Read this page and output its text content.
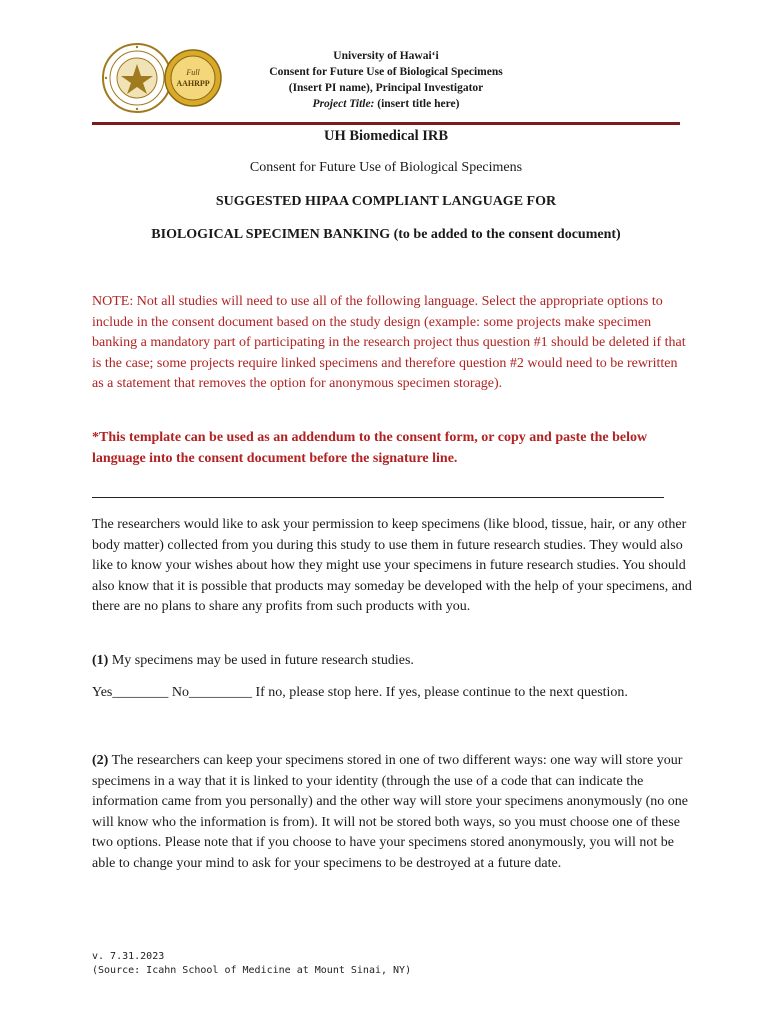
Full
AAHRPP
University of Hawai‘i
Consent for Future Use of Biological Specimens
(Insert PI name), Principal Investigator
Project Title: (insert title here)
UH Biomedical IRB
Consent for Future Use of Biological Specimens
SUGGESTED HIPAA COMPLIANT LANGUAGE FOR
BIOLOGICAL SPECIMEN BANKING (to be added to the consent document)
NOTE: Not all studies will need to use all of the following language. Select the appropriate options to include in the consent document based on the study design (example: some projects make specimen banking a mandatory part of participating in the research project thus question #1 should be deleted if that is the case; some projects require linked specimens and therefore question #2 would need to be rewritten as a statement that removes the option for anonymous specimen storage).
*This template can be used as an addendum to the consent form, or copy and paste the below language into the consent document before the signature line.
The researchers would like to ask your permission to keep specimens (like blood, tissue, hair, or any other body matter) collected from you during this study to use them in future research studies. They would also like to know your wishes about how they might use your specimens in future research studies. You should also know that it is possible that products may someday be developed with the help of your specimens, and there are no plans to share any profits from such products with you.
(1) My specimens may be used in future research studies.
Yes________ No_________ If no, please stop here. If yes, please continue to the next question.
(2) The researchers can keep your specimens stored in one of two different ways: one way will store your specimens in a way that it is linked to your identity (through the use of a code that can indicate the information came from you personally) and the other way will store your specimens anonymously (no one will know who the information is from). It will not be stored both ways, so you must choose one of these two options. Please note that if you choose to have your specimens stored anonymously, you will not be able to change your mind to ask for your specimens to be destroyed at a future date.
v. 7.31.2023
(Source: Icahn School of Medicine at Mount Sinai, NY)
